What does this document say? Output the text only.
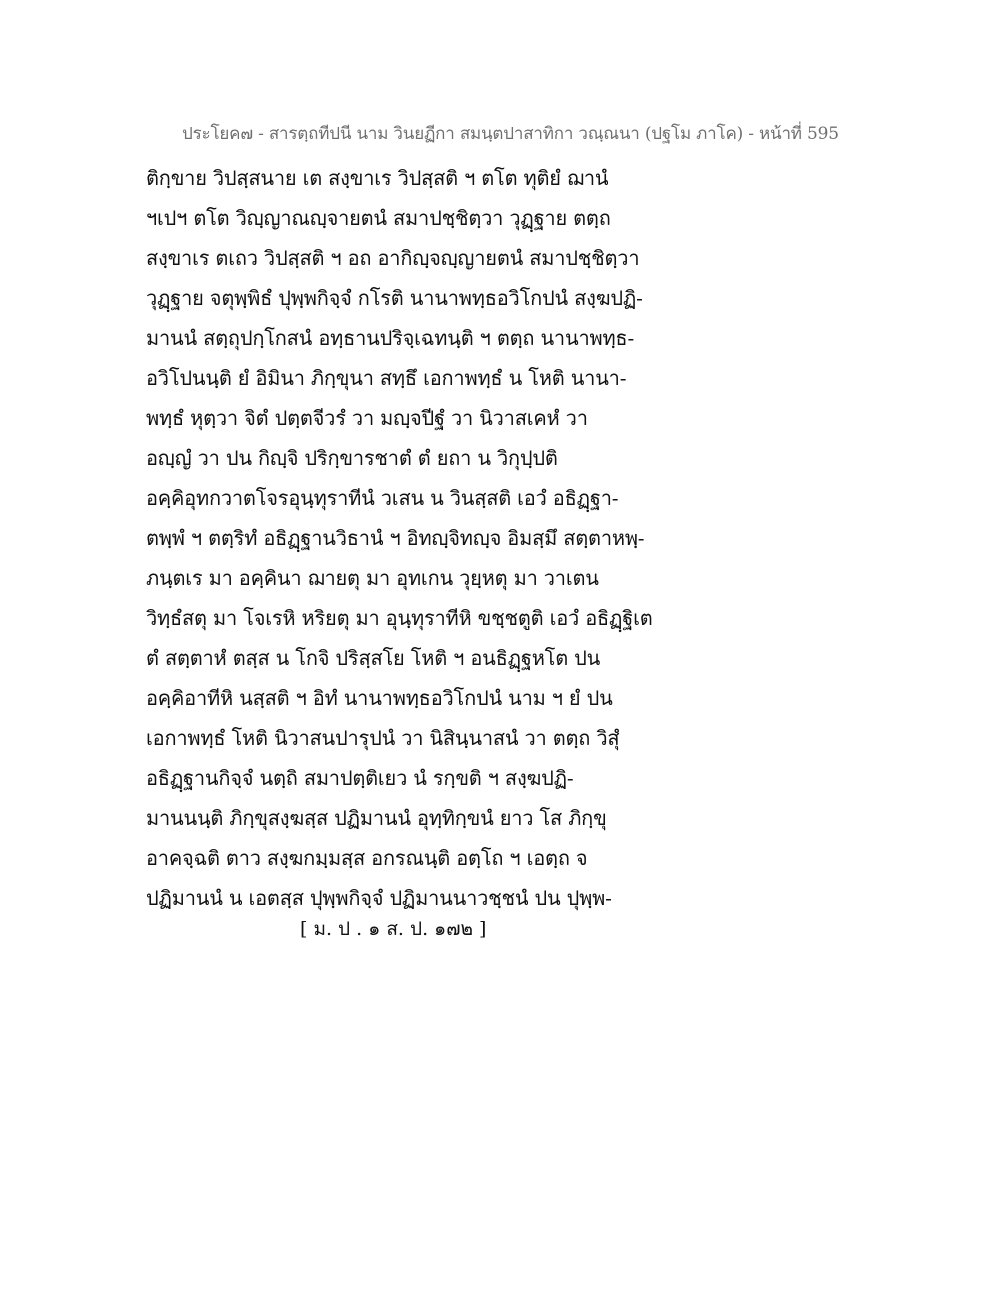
ประโยค๗ - สารตฺถทีปนี นาม วินยฏีกา สมนฺตปาสาทิกา วณฺณนา (ปฐโม ภาโค) - หน้าที่ 595
ติกฺขาย วิปสฺสนาย เต สงฺขาเร วิปสฺสติ ฯ ตโต ทุติยํ ฌานํ
ฯเปฯ ตโต วิญฺญาณญฺจายตนํ สมาปชฺชิตฺวา วุฏฺฐาย ตตฺถ
สงฺขาเร ตเถว วิปสฺสติ ฯ อถ อากิญฺจญฺญายตนํ สมาปชฺชิตฺวา
วุฏฺฐาย จตุพฺพิธํ ปุพฺพกิจฺจํ กโรติ นานาพทฺธอวิโกปนํ สงฺฆปฏิ-
มานนํ สตฺถุปกฺโกสนํ อทฺธานปริจฺเฉทนฺติ ฯ ตตฺถ นานาพทฺธ-
อวิโปนนฺติ ยํ อิมินา ภิกฺขุนา สทฺธึ เอกาพทฺธํ น โหติ นานา-
พทฺธํ หุตฺวา จิตํ ปตฺตจีวรํ วา มญฺจปีฐํ วา นิวาสเคหํ วา
อญฺญํ วา ปน กิญฺจิ ปริกฺขารชาตํ ตํ ยถา น วิกุปฺปติ
อคฺคิอุทกวาตโจรอุนฺทุราทีนํ วเสน น วินสฺสติ เอวํ อธิฏฺฐา-
ตพฺพํ ฯ ตตฺริทํ อธิฏฺฐานวิธานํ ฯ อิทญฺจิทญฺจ อิมสฺมึ สตฺตาหพฺ-
ภนฺตเร มา อคฺคินา ฌายตุ มา อุทเกน วุยฺหตุ มา วาเตน
วิทฺธํสตุ มา โจเรหิ หริยตุ มา อุนฺทุราทีหิ ขชฺชตูติ เอวํ อธิฏฺฐิเต
ตํ สตฺตาหํ ตสฺส น โกจิ ปริสฺสโย โหติ ฯ อนธิฏฺฐหโต ปน
อคฺคิอาทีหิ นสฺสติ ฯ อิทํ นานาพทฺธอวิโกปนํ นาม ฯ ยํ ปน
เอกาพทฺธํ โหติ นิวาสนปารุปนํ วา นิสินฺนาสนํ วา ตตฺถ วิสุํ
อธิฏฺฐานกิจฺจํ นตฺถิ สมาปตฺติเยว นํ รกฺขติ ฯ สงฺฆปฏิ-
มานนนฺติ ภิกฺขุสงฺฆสฺส ปฏิมานนํ อุทฺทิกฺขนํ ยาว โส ภิกฺขุ
อาคจฺฉติ ตาว สงฺฆกมฺมสฺส อกรณนฺติ อตฺโถ ฯ เอตฺถ จ
ปฏิมานนํ น เอตสฺส ปุพฺพกิจฺจํ ปฏิมานนาวชฺชนํ ปน ปุพฺพ-
[ ม. ป . ๑ ส. ป. ๑๗๒ ]
